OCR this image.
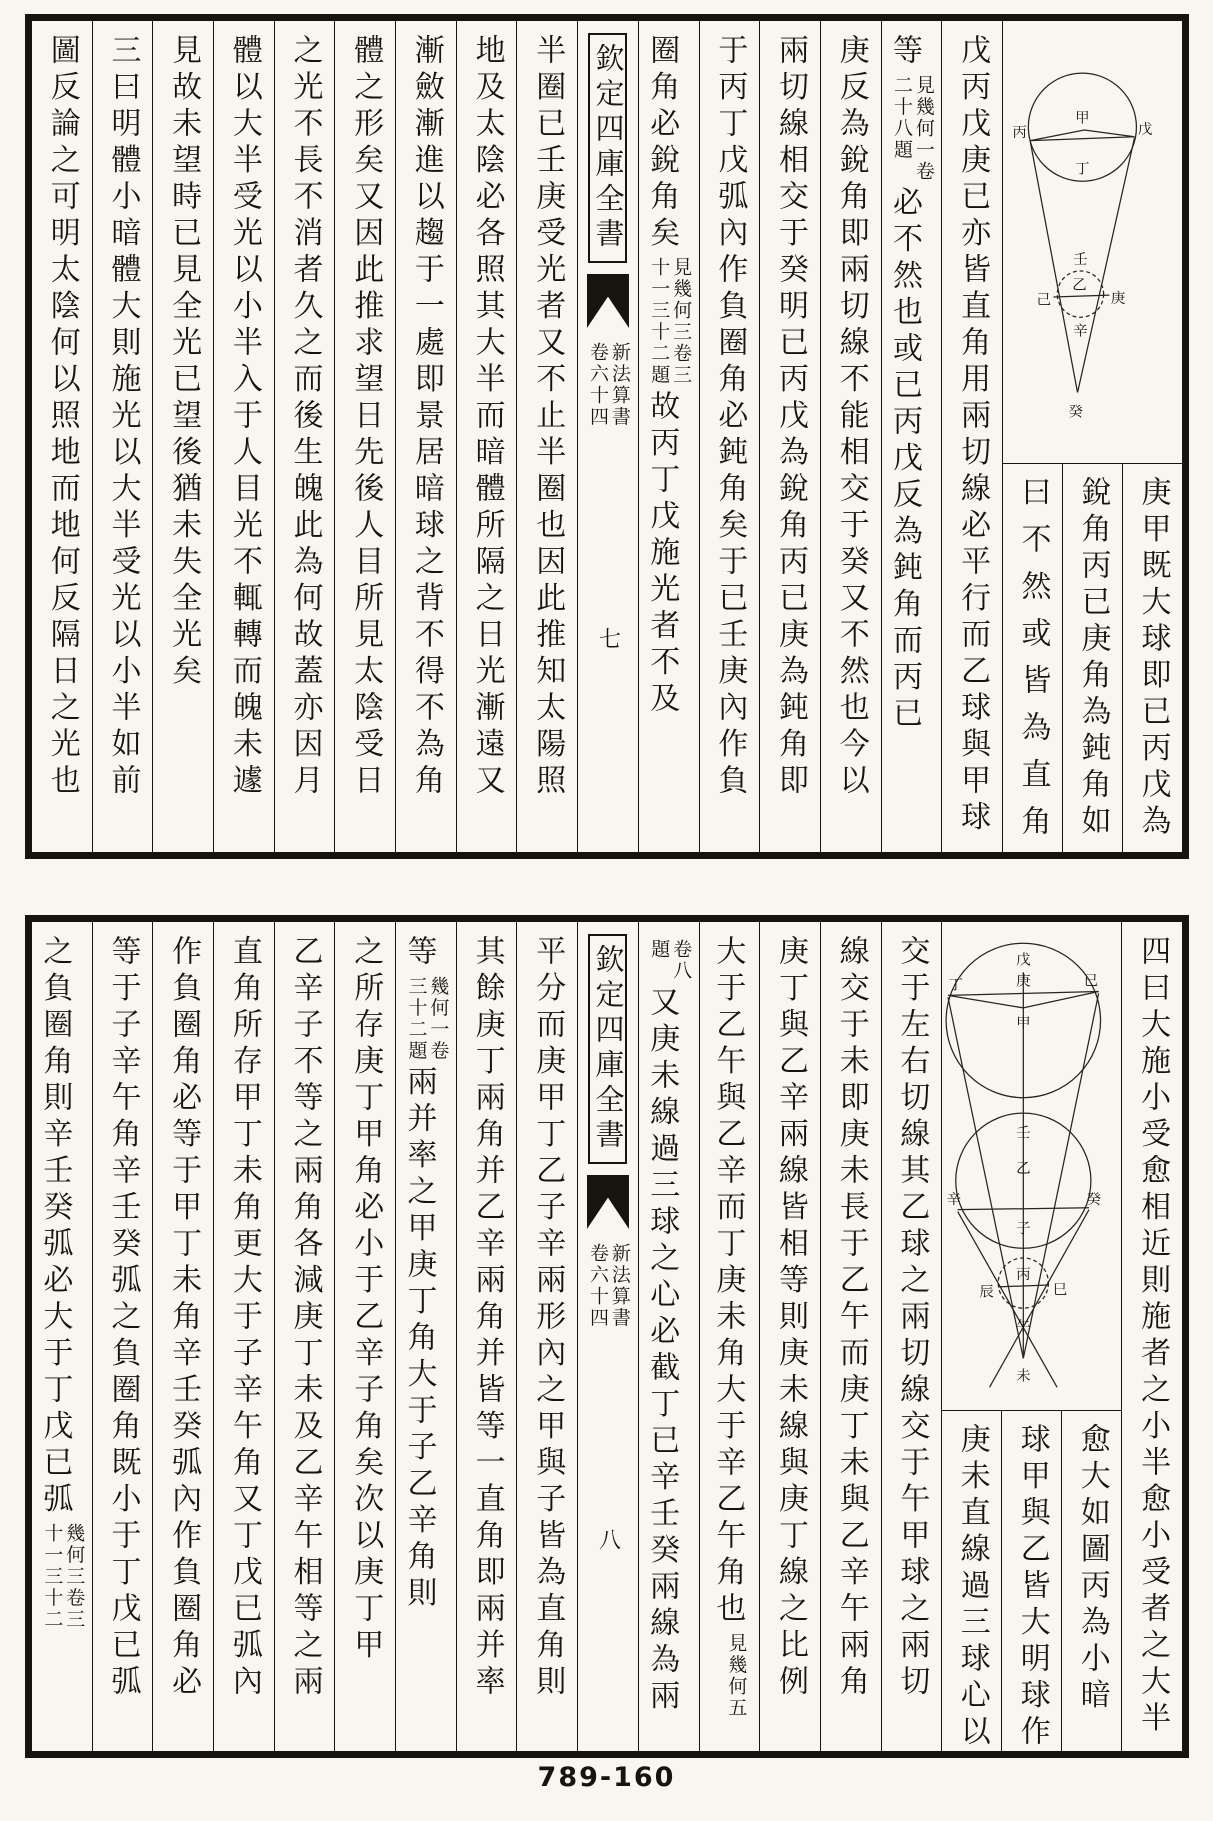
甲
丙	戊
丁
壬
乙
己	庚
辛
癸
庚甲既大球即已丙戊為
銳角丙已庚角為鈍角如
曰不然或皆為直角
戊丙戊庚已亦皆直角用兩切線必平行而乙球與甲球
等
見幾何一卷
二十八題
必不然也或已丙戊反為鈍角而丙已
庚反為銳角即兩切線不能相交于癸又不然也今以
兩切線相交于癸明已丙戊為銳角丙已庚為鈍角即
于丙丁戊弧內作負圈角必鈍角矣于已壬庚內作負
圈角必銳角矣
見幾何三卷三
十一三十二題
故丙丁戊施光者不及
欽定四庫全書
新法算書
卷六十四
七
半圈已壬庚受光者又不止半圈也因此推知太陽照
地及太陰必各照其大半而暗體所隔之日光漸遠又
漸斂漸進以趨于一處即景居暗球之背不得不為角
體之形矣又因此推求望日先後人目所見太陰受日
之光不長不消者久之而後生魄此為何故蓋亦因月
體以大半受光以小半入于人目光不輒轉而魄未遽
見故未望時已見全光已望後猶未失全光矣
三曰明體小暗體大則施光以大半受光以小半如前
圖反論之可明太陰何以照地而地何反隔日之光也
四曰大施小受愈相近則施者之小半愈小受者之大半
戊
丁	庚	已
甲
壬
乙
辛	癸
子
丙
辰	巳
午
未
愈大如圖丙為小暗
球甲與乙皆大明球作
庚未直線過三球心以
交于左右切線其乙球之兩切線交于午甲球之兩切
線交于未即庚未長于乙午而庚丁未與乙辛午兩角
庚丁與乙辛兩線皆相等則庚未線與庚丁線之比例
大于乙午與乙辛而丁庚未角大于辛乙午角也
見幾何五
卷八
題
又庚未線過三球之心必截丁已辛壬癸兩線為兩
欽定四庫全書
新法算書
卷六十四
八
平分而庚甲丁乙子辛兩形內之甲與子皆為直角則
其餘庚丁兩角并乙辛兩角并皆等一直角即兩并率
等
幾何一卷
三十二題
兩并率之甲庚丁角大于子乙辛角則
之所存庚丁甲角必小于乙辛子角矣次以庚丁甲
乙辛子不等之兩角各減庚丁未及乙辛午相等之兩
直角所存甲丁未角更大于子辛午角又丁戊已弧內
作負圈角必等于甲丁未角辛壬癸弧內作負圈角必
等于子辛午角辛壬癸弧之負圈角既小于丁戊已弧
之負圈角則辛壬癸弧必大于丁戊已弧
幾何三卷三
十一三十二
789-160
